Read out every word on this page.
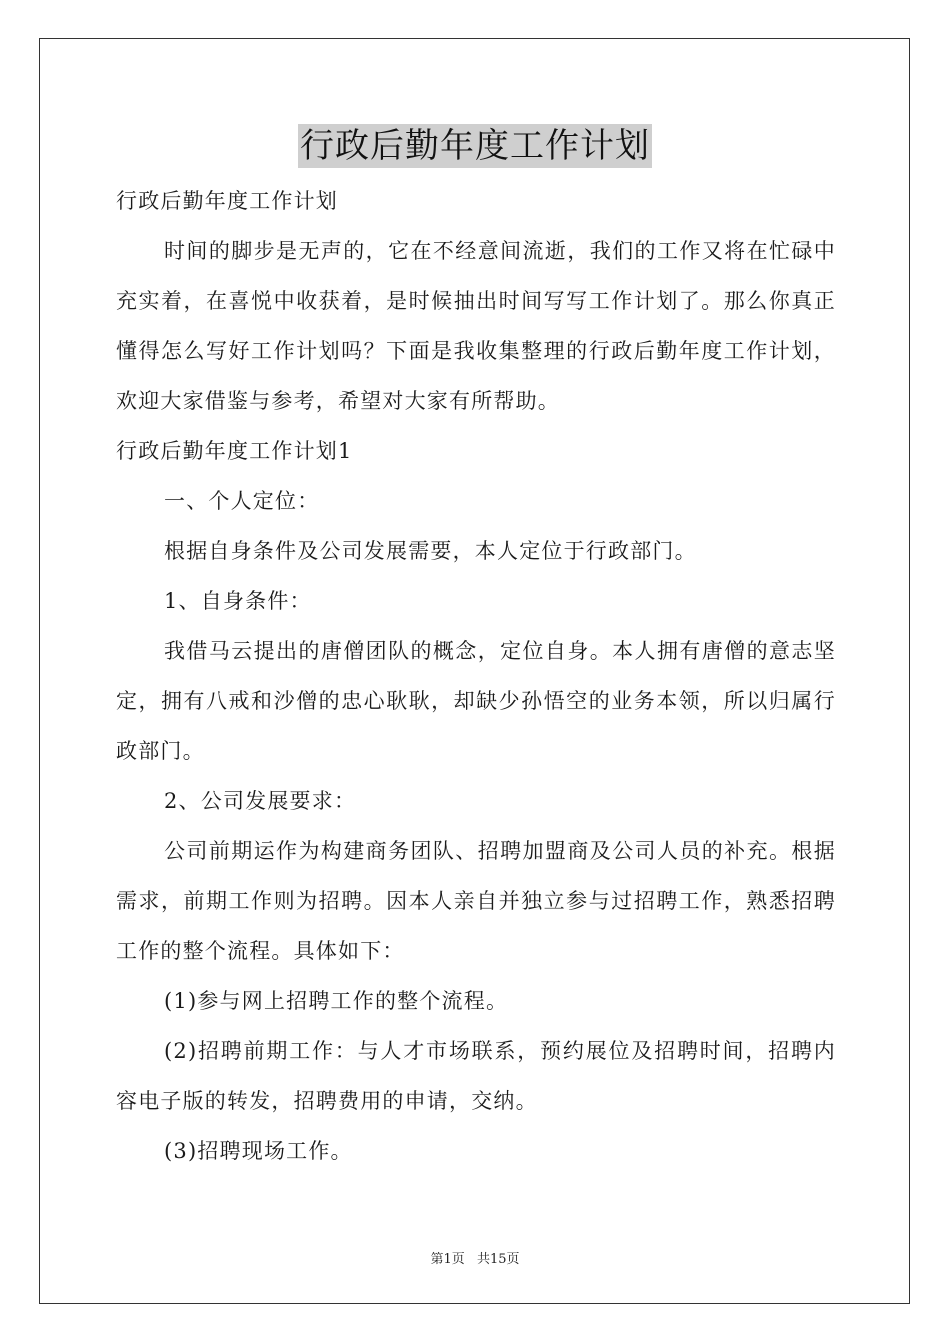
行政后勤年度工作计划

行政后勤年度工作计划

时间的脚步是无声的，它在不经意间流逝，我们的工作又将在忙碌中充实着，在喜悦中收获着，是时候抽出时间写写工作计划了。那么你真正懂得怎么写好工作计划吗？下面是我收集整理的行政后勤年度工作计划，欢迎大家借鉴与参考，希望对大家有所帮助。

行政后勤年度工作计划1

一、个人定位：

根据自身条件及公司发展需要，本人定位于行政部门。

1、自身条件：

我借马云提出的唐僧团队的概念，定位自身。本人拥有唐僧的意志坚定，拥有八戒和沙僧的忠心耿耿，却缺少孙悟空的业务本领，所以归属行政部门。

2、公司发展要求：

公司前期运作为构建商务团队、招聘加盟商及公司人员的补充。根据需求，前期工作则为招聘。因本人亲自并独立参与过招聘工作，熟悉招聘工作的整个流程。具体如下：

(1)参与网上招聘工作的整个流程。

(2)招聘前期工作：与人才市场联系，预约展位及招聘时间，招聘内容电子版的转发，招聘费用的申请，交纳。

(3)招聘现场工作。

第1页 共15页
